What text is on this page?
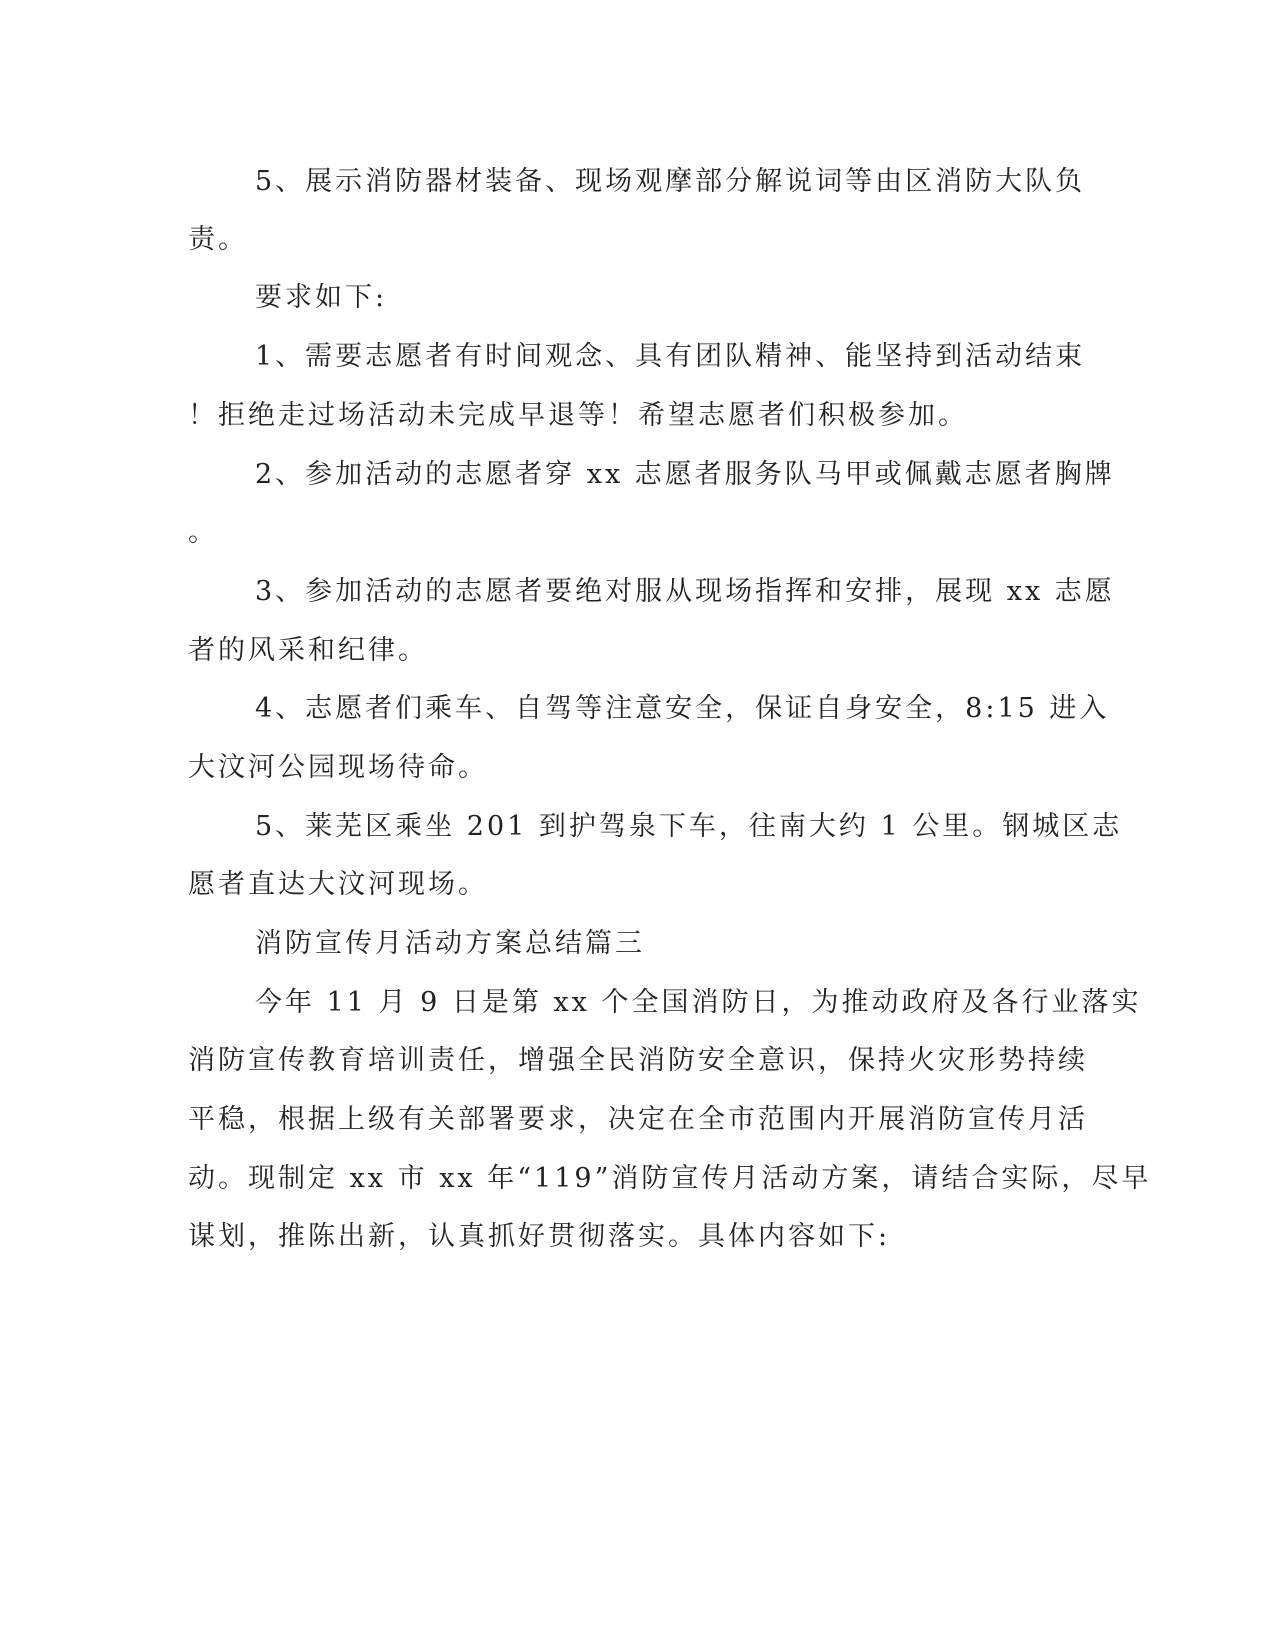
5、展示消防器材装备、现场观摩部分解说词等由区消防大队负
责。
要求如下:
1、需要志愿者有时间观念、具有团队精神、能坚持到活动结束
！拒绝走过场活动未完成早退等！希望志愿者们积极参加。
2、参加活动的志愿者穿 xx 志愿者服务队马甲或佩戴志愿者胸牌
。
3、参加活动的志愿者要绝对服从现场指挥和安排，展现 xx 志愿
者的风采和纪律。
4、志愿者们乘车、自驾等注意安全，保证自身安全，8:15 进入
大汶河公园现场待命。
5、莱芜区乘坐 201 到护驾泉下车，往南大约 1 公里。钢城区志
愿者直达大汶河现场。
消防宣传月活动方案总结篇三
今年 11 月 9 日是第 xx 个全国消防日，为推动政府及各行业落实
消防宣传教育培训责任，增强全民消防安全意识，保持火灾形势持续
平稳，根据上级有关部署要求，决定在全市范围内开展消防宣传月活
动。现制定 xx 市 xx 年“119”消防宣传月活动方案，请结合实际，尽早
谋划，推陈出新，认真抓好贯彻落实。具体内容如下:
